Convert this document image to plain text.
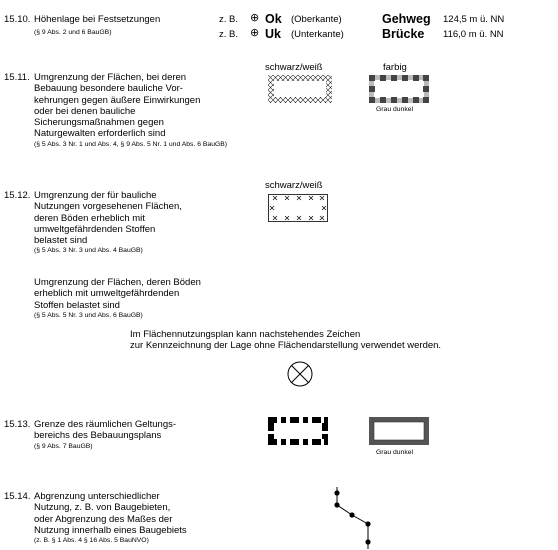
15.10. Höhenlage bei Festsetzungen
(§ 9 Abs. 2 und 6 BauGB)
z. B. ⊕ Ok (Oberkante)	Gehweg 124,5 m ü. NN
z. B. ⊕ Uk (Unterkante)	Brücke 116,0 m ü. NN
15.11. Umgrenzung der Flächen, bei deren
Bebauung besondere bauliche Vor-
kehrungen gegen äußere Einwirkungen
oder bei denen bauliche
Sicherungsmaßnahmen gegen
Naturgewalten erforderlich sind
(§ 5 Abs. 3 Nr. 1 und Abs. 4, § 9 Abs. 5 Nr. 1 und Abs. 6 BauGB)
schwarz/weiß	farbig
Grau dunkel
15.12. Umgrenzung der für bauliche
Nutzungen vorgesehenen Flächen,
deren Böden erheblich mit
umweltgefährdenden Stoffen
belastet sind
(§ 5 Abs. 3 Nr. 3 und Abs. 4 BauGB)
schwarz/weiß
Umgrenzung der Flächen, deren Böden
erheblich mit umweltgefährdenden
Stoffen belastet sind
(§ 5 Abs. 5 Nr. 3 und Abs. 6 BauGB)
Im Flächennutzungsplan kann nachstehendes Zeichen
zur Kennzeichnung der Lage ohne Flächendarstellung verwendet werden.
15.13. Grenze des räumlichen Geltungs-
bereichs des Bebauungsplans
(§ 9 Abs. 7 BauGB)
Grau dunkel
15.14. Abgrenzung unterschiedlicher
Nutzung, z. B. von Baugebieten,
oder Abgrenzung des Maßes der
Nutzung innerhalb eines Baugebiets
(z. B. § 1 Abs. 4 § 16 Abs. 5 BauNVO)
